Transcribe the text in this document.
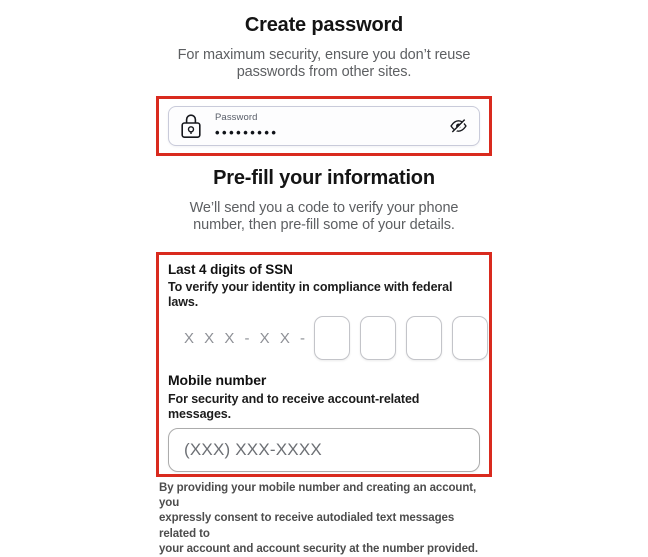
Create password
For maximum security, ensure you don’t reuse
passwords from other sites.
Password
•••••••••
Pre-fill your information
We’ll send you a code to verify your phone
number, then pre-fill some of your details.
Last 4 digits of SSN
To verify your identity in compliance with federal laws.
X X X - X X -
Mobile number
For security and to receive account-related messages.
(XXX) XXX-XXXX
By providing your mobile number and creating an account, you
expressly consent to receive autodialed text messages related to
your account and account security at the number provided.
